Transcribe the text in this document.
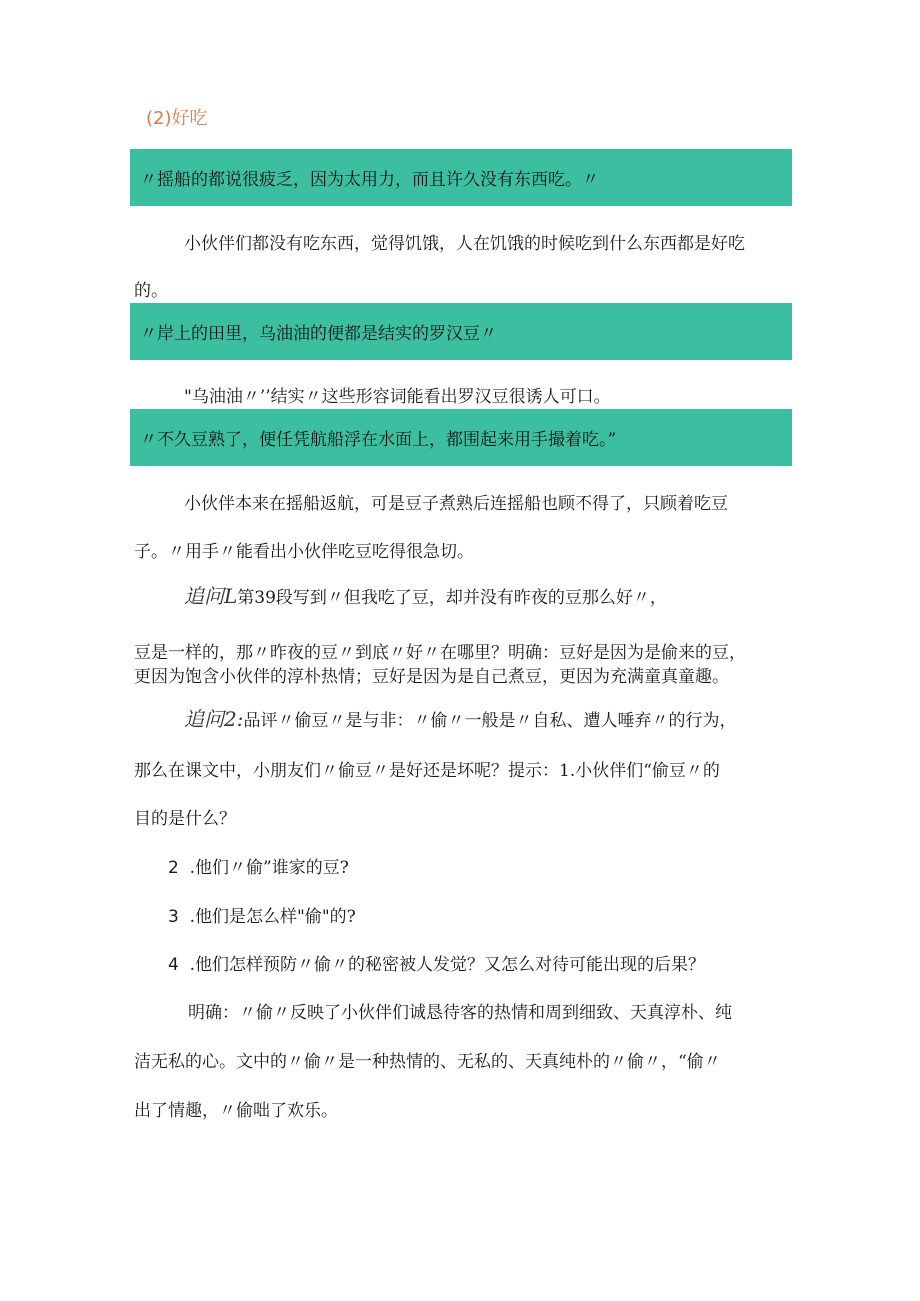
(2)好吃
〃摇船的都说很疲乏，因为太用力，而且许久没有东西吃。〃
小伙伴们都没有吃东西，觉得饥饿，人在饥饿的时候吃到什么东西都是好吃
的。
〃岸上的田里，乌油油的便都是结实的罗汉豆〃
"乌油油〃’’结实〃这些形容词能看出罗汉豆很诱人可口。
〃不久豆熟了，便任凭航船浮在水面上，都围起来用手撮着吃。”
小伙伴本来在摇船返航，可是豆子煮熟后连摇船也顾不得了，只顾着吃豆
子。〃用手〃能看出小伙伴吃豆吃得很急切。
追问L第39段写到〃但我吃了豆，却并没有昨夜的豆那么好〃，
豆是一样的，那〃昨夜的豆〃到底〃好〃在哪里？明确：豆好是因为是偷来的豆，
更因为饱含小伙伴的淳朴热情；豆好是因为是自己煮豆，更因为充满童真童趣。
追问2:品评〃偷豆〃是与非：〃偷〃一般是〃自私、遭人唾弃〃的行为，
那么在课文中，小朋友们〃偷豆〃是好还是坏呢？提示：1.小伙伴们“偷豆〃的
目的是什么？
2 .他们〃偷”谁家的豆?
3 .他们是怎么样"偷"的?
4 .他们怎样预防〃偷〃的秘密被人发觉？又怎么对待可能出现的后果？
明确：〃偷〃反映了小伙伴们诚恳待客的热情和周到细致、天真淳朴、纯
洁无私的心。文中的〃偷〃是一种热情的、无私的、天真纯朴的〃偷〃，“偷〃
出了情趣，〃偷咄了欢乐。
